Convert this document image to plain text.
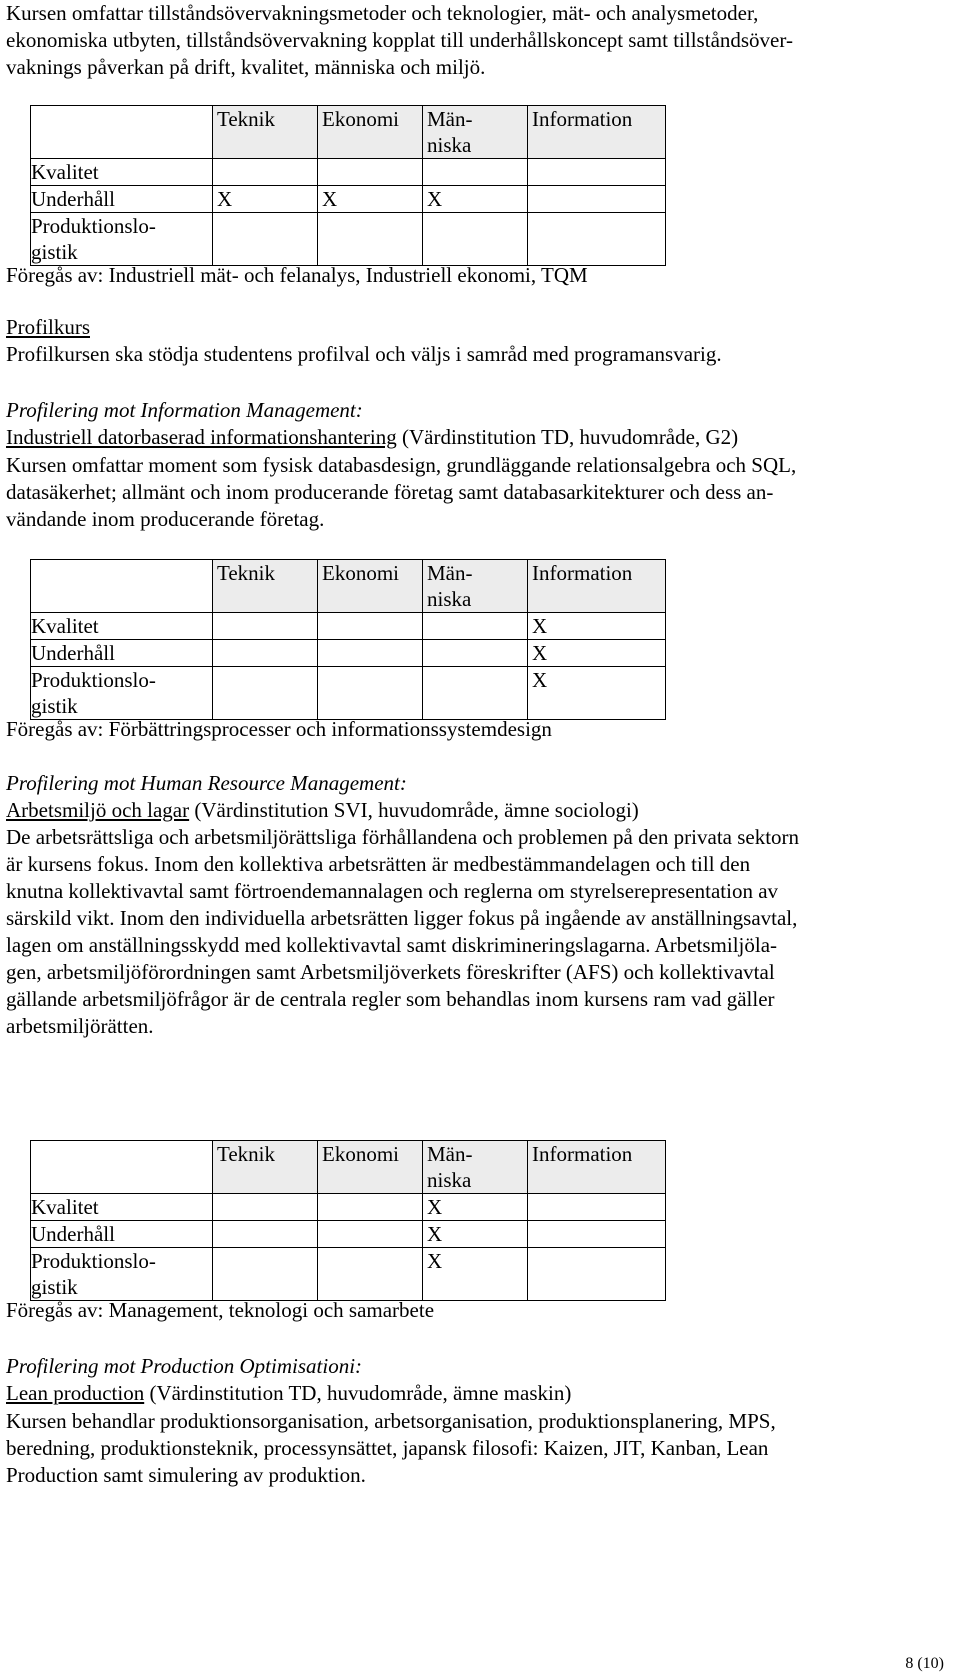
Kursen omfattar tillståndsövervakningsmetoder och teknologier, mät- och analysmetoder,

ekonomiska utbyten, tillståndsövervakning kopplat till underhållskoncept samt tillståndsöver-

vaknings påverkan på drift, kvalitet, människa och miljö.

	Teknik	Ekonomi	Män-
niska	Information
Kvalitet				
Underhåll	X	X	X	
Produktionslo-
gistik				

Föregås av: Industriell mät- och felanalys, Industriell ekonomi, TQM

Profilkurs

Profilkursen ska stödja studentens profilval och väljs i samråd med programansvarig.

Profilering mot Information Management:

Industriell datorbaserad informationshantering (Värdinstitution TD, huvudområde, G2)

Kursen omfattar moment som fysisk databasdesign, grundläggande relationsalgebra och SQL,

datasäkerhet; allmänt och inom producerande företag samt databasarkitekturer och dess an-

vändande inom producerande företag.

	Teknik	Ekonomi	Män-
niska	Information
Kvalitet				X
Underhåll				X
Produktionslo-
gistik				X

Föregås av: Förbättringsprocesser och informationssystemdesign

Profilering mot Human Resource Management:

Arbetsmiljö och lagar (Värdinstitution SVI, huvudområde, ämne sociologi)

De arbetsrättsliga och arbetsmiljörättsliga förhållandena och problemen på den privata sektorn

är kursens fokus. Inom den kollektiva arbetsrätten är medbestämmandelagen och till den

knutna kollektivavtal samt förtroendemannalagen och reglerna om styrelserepresentation av

särskild vikt. Inom den individuella arbetsrätten ligger fokus på ingående av anställningsavtal,

lagen om anställningsskydd med kollektivavtal samt diskrimineringslagarna. Arbetsmiljöla-

gen, arbetsmiljöförordningen samt Arbetsmiljöverkets föreskrifter (AFS) och kollektivavtal

gällande arbetsmiljöfrågor är de centrala regler som behandlas inom kursens ram vad gäller

arbetsmiljörätten.

	Teknik	Ekonomi	Män-
niska	Information
Kvalitet			X	
Underhåll			X	
Produktionslo-
gistik			X	

Föregås av: Management, teknologi och samarbete

Profilering mot Production Optimisationi:

Lean production (Värdinstitution TD, huvudområde, ämne maskin)

Kursen behandlar produktionsorganisation, arbetsorganisation, produktionsplanering, MPS,

beredning, produktionsteknik, processynsättet, japansk filosofi: Kaizen, JIT, Kanban, Lean

Production samt simulering av produktion.

8 (10)
